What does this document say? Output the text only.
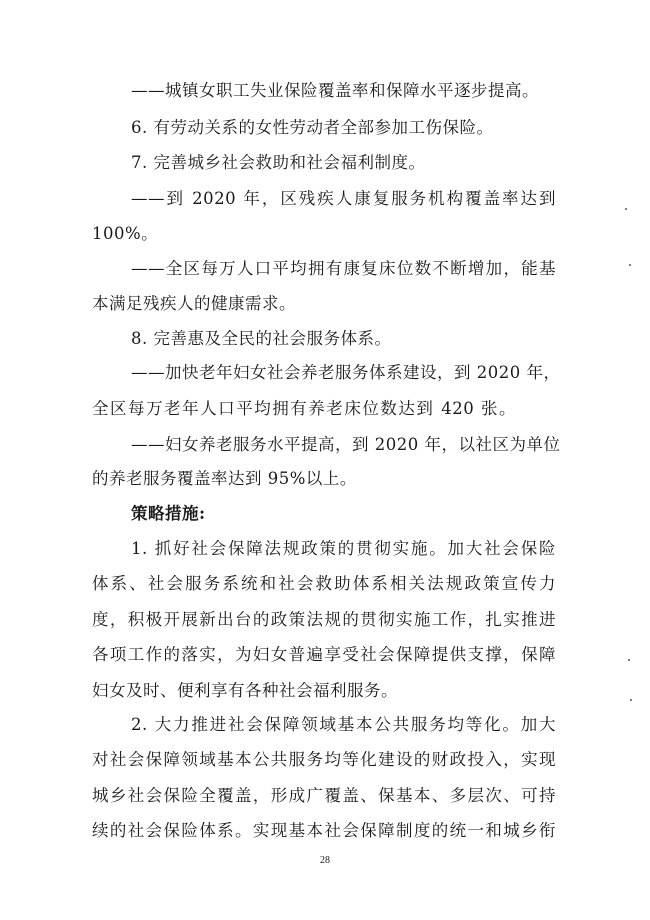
——城镇女职工失业保险覆盖率和保障水平逐步提高。
6. 有劳动关系的女性劳动者全部参加工伤保险。
7. 完善城乡社会救助和社会福利制度。
——到 2020 年，区残疾人康复服务机构覆盖率达到
100%。
——全区每万人口平均拥有康复床位数不断增加，能基
本满足残疾人的健康需求。
8. 完善惠及全民的社会服务体系。
——加快老年妇女社会养老服务体系建设，到 2020 年，
全区每万老年人口平均拥有养老床位数达到 420 张。
——妇女养老服务水平提高，到 2020 年，以社区为单位
的养老服务覆盖率达到 95%以上。
策略措施:
1. 抓好社会保障法规政策的贯彻实施。加大社会保险
体系、社会服务系统和社会救助体系相关法规政策宣传力
度，积极开展新出台的政策法规的贯彻实施工作，扎实推进
各项工作的落实，为妇女普遍享受社会保障提供支撑，保障
妇女及时、便利享有各种社会福利服务。
2. 大力推进社会保障领域基本公共服务均等化。加大
对社会保障领域基本公共服务均等化建设的财政投入，实现
城乡社会保险全覆盖，形成广覆盖、保基本、多层次、可持
续的社会保险体系。实现基本社会保障制度的统一和城乡衔
28
